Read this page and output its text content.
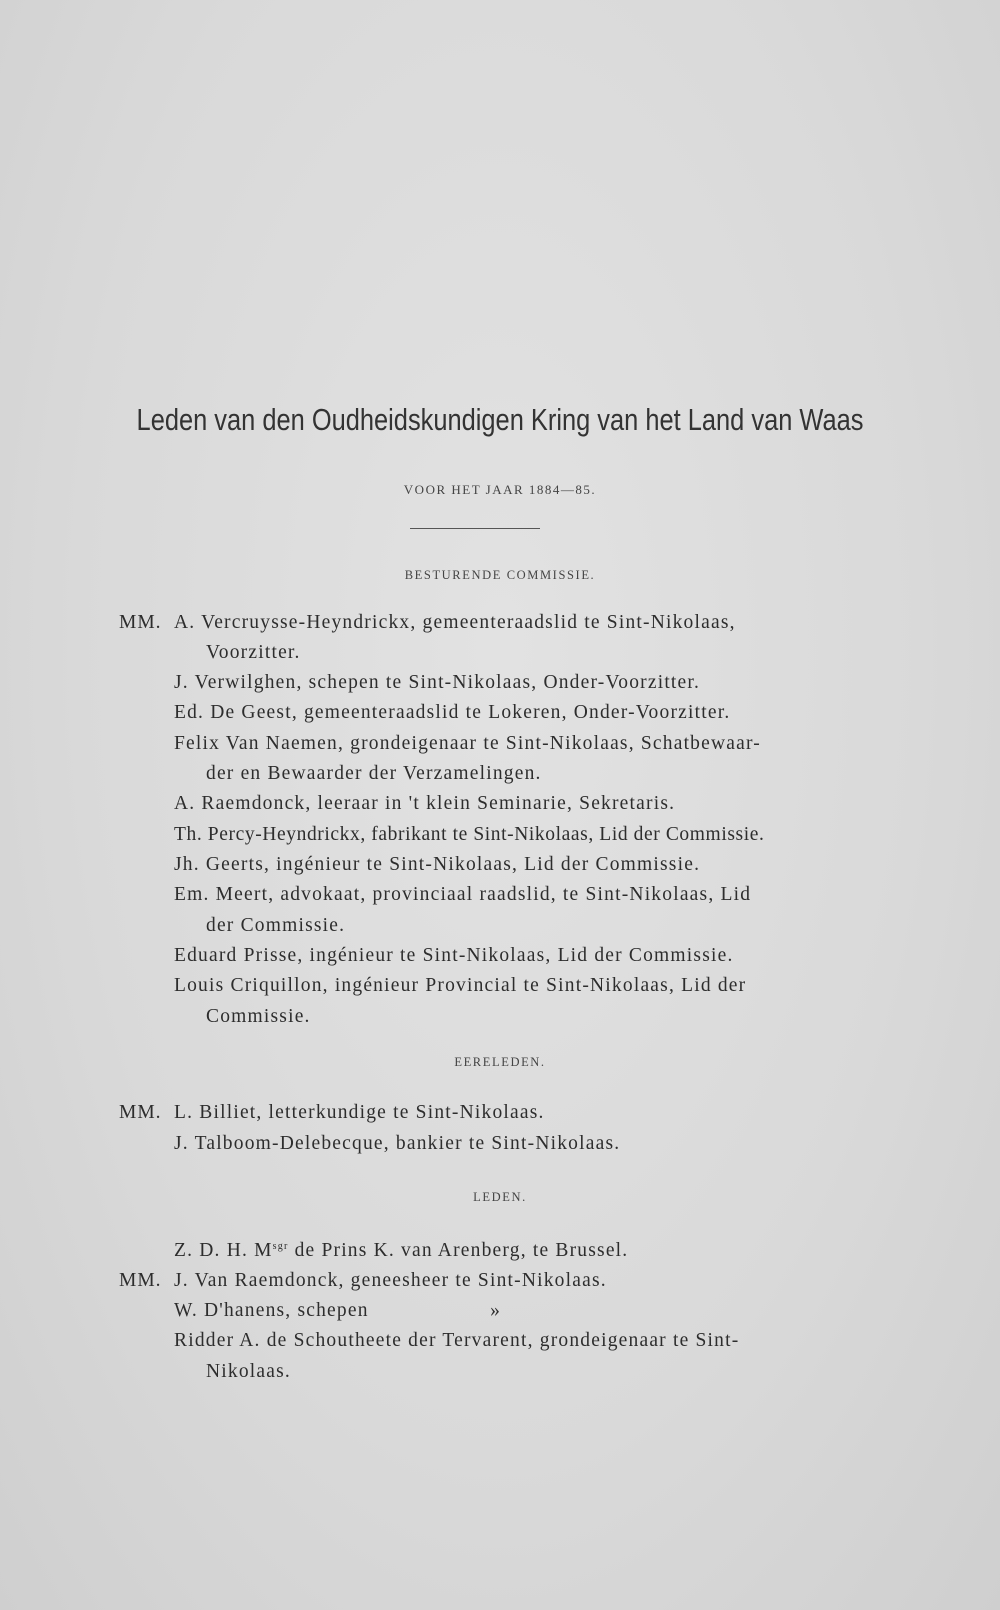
Leden van den Oudheidskundigen Kring van het Land van Waas
VOOR HET JAAR 1884—85.
BESTURENDE COMMISSIE.
MM. A. Vercruysse-Heyndrickx, gemeenteraadslid te Sint-Nikolaas,
Voorzitter.
J. Verwilghen, schepen te Sint-Nikolaas, Onder-Voorzitter.
Ed. De Geest, gemeenteraadslid te Lokeren, Onder-Voorzitter.
Felix Van Naemen, grondeigenaar te Sint-Nikolaas, Schatbewaar-
der en Bewaarder der Verzamelingen.
A. Raemdonck, leeraar in 't klein Seminarie, Sekretaris.
Th. Percy-Heyndrickx, fabrikant te Sint-Nikolaas, Lid der Commissie.
Jh. Geerts, ingénieur te Sint-Nikolaas, Lid der Commissie.
Em. Meert, advokaat, provinciaal raadslid, te Sint-Nikolaas, Lid
der Commissie.
Eduard Prisse, ingénieur te Sint-Nikolaas, Lid der Commissie.
Louis Criquillon, ingénieur Provincial te Sint-Nikolaas, Lid der
Commissie.
EERELEDEN.
MM. L. Billiet, letterkundige te Sint-Nikolaas.
J. Talboom-Delebecque, bankier te Sint-Nikolaas.
LEDEN.
Z. D. H. $M^{sgr}$ de Prins K. van Arenberg, te Brussel.
MM. J. Van Raemdonck, geneesheer te Sint-Nikolaas.
W. D'hanens, schepen                    »
Ridder A. de Schoutheete der Tervarent, grondeigenaar te Sint-
Nikolaas.
